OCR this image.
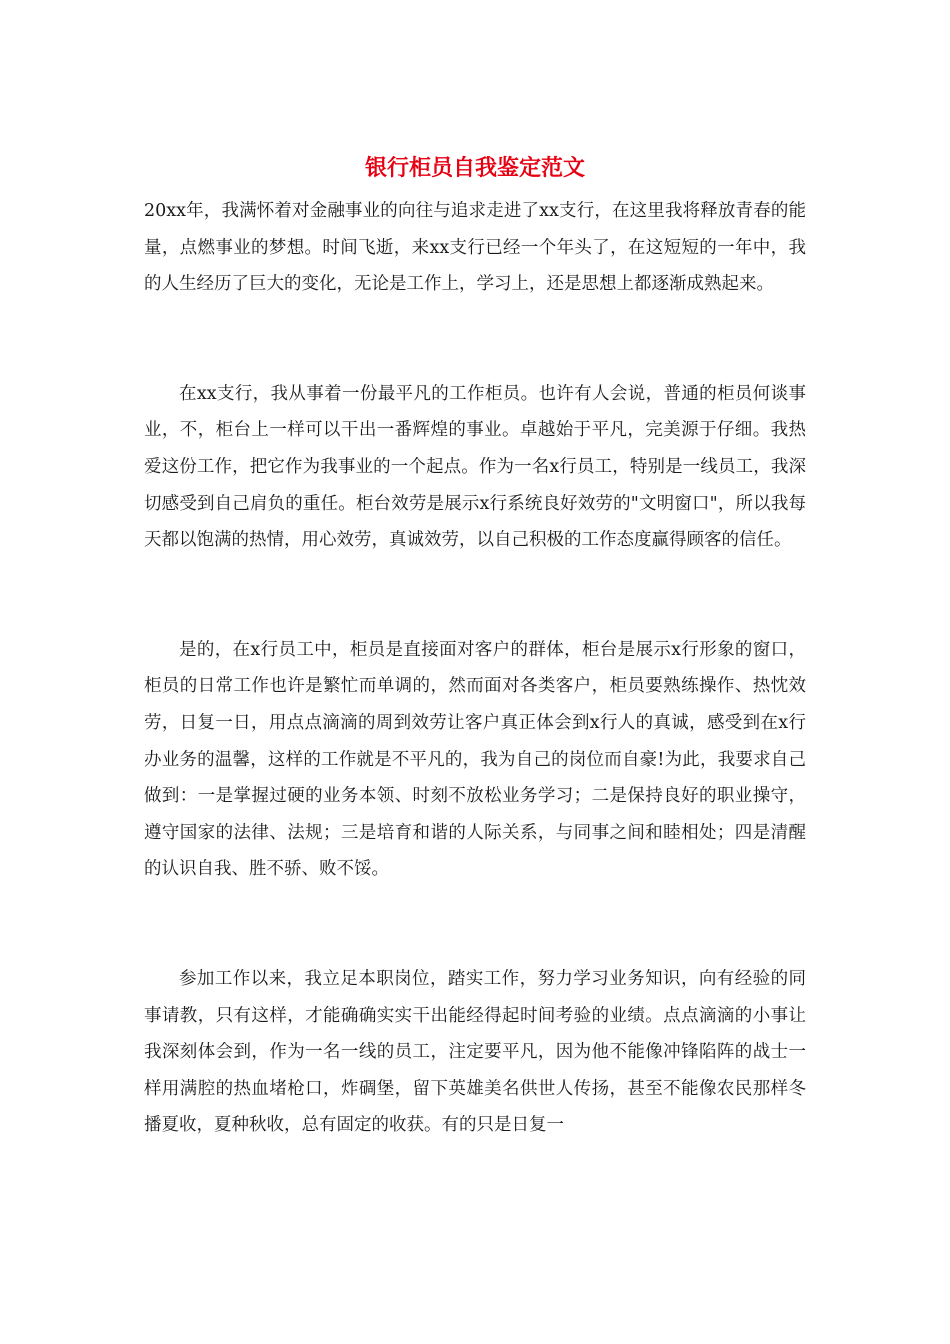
银行柜员自我鉴定范文

20xx年，我满怀着对金融事业的向往与追求走进了xx支行，在这里我将释放青春的能量，点燃事业的梦想。时间飞逝，来xx支行已经一个年头了，在这短短的一年中，我的人生经历了巨大的变化，无论是工作上，学习上，还是思想上都逐渐成熟起来。

在xx支行，我从事着一份最平凡的工作柜员。也许有人会说，普通的柜员何谈事业，不，柜台上一样可以干出一番辉煌的事业。卓越始于平凡，完美源于仔细。我热爱这份工作，把它作为我事业的一个起点。作为一名x行员工，特别是一线员工，我深切感受到自己肩负的重任。柜台效劳是展示x行系统良好效劳的"文明窗口"，所以我每天都以饱满的热情，用心效劳，真诚效劳，以自己积极的工作态度赢得顾客的信任。

是的，在x行员工中，柜员是直接面对客户的群体，柜台是展示x行形象的窗口，柜员的日常工作也许是繁忙而单调的，然而面对各类客户，柜员要熟练操作、热忱效劳，日复一日，用点点滴滴的周到效劳让客户真正体会到x行人的真诚，感受到在x行办业务的温馨，这样的工作就是不平凡的，我为自己的岗位而自豪!为此，我要求自己做到：一是掌握过硬的业务本领、时刻不放松业务学习；二是保持良好的职业操守，遵守国家的法律、法规；三是培育和谐的人际关系，与同事之间和睦相处；四是清醒的认识自我、胜不骄、败不馁。

参加工作以来，我立足本职岗位，踏实工作，努力学习业务知识，向有经验的同事请教，只有这样，才能确确实实干出能经得起时间考验的业绩。点点滴滴的小事让我深刻体会到，作为一名一线的员工，注定要平凡，因为他不能像冲锋陷阵的战士一样用满腔的热血堵枪口，炸碉堡，留下英雄美名供世人传扬，甚至不能像农民那样冬播夏收，夏种秋收，总有固定的收获。有的只是日复一
